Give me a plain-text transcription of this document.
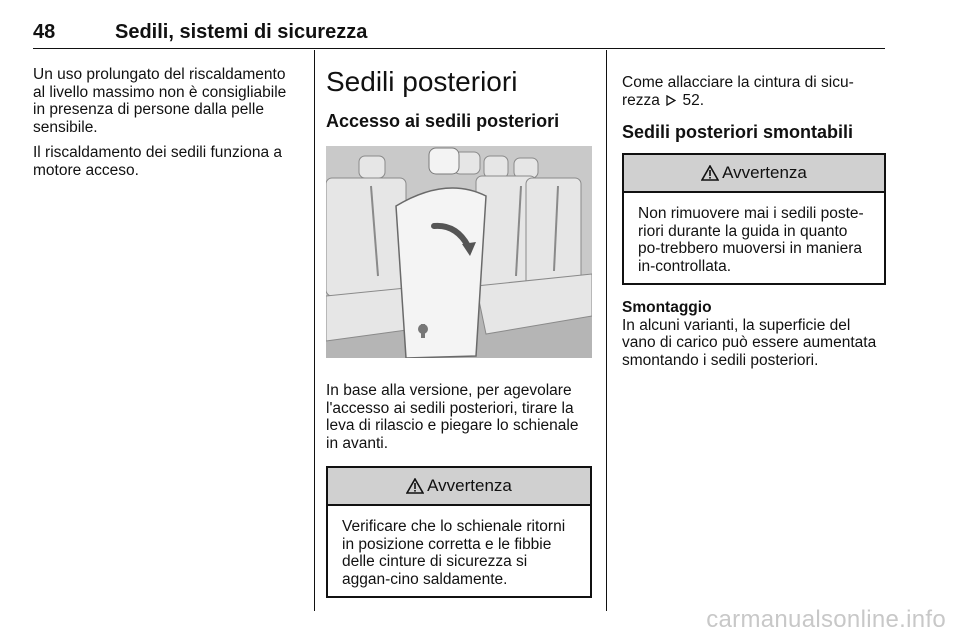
48	Sedili, sistemi di sicurezza

Un uso prolungato del riscaldamento al livello massimo non è consigliabile in presenza di persone dalla pelle sensibile.

Il riscaldamento dei sedili funziona a motore acceso.

Sedili posteriori
Accesso ai sedili posteriori

In base alla versione, per agevolare l'accesso ai sedili posteriori, tirare la leva di rilascio e piegare lo schienale in avanti.

Avvertenza
Verificare che lo schienale ritorni in posizione corretta e le fibbie delle cinture di sicurezza si aggan-cino saldamente.

Come allacciare la cintura di sicu-rezza 52.

Sedili posteriori smontabili
Avvertenza
Non rimuovere mai i sedili poste-riori durante la guida in quanto po-trebbero muoversi in maniera in-controllata.
Smontaggio

In alcuni varianti, la superficie del vano di carico può essere aumentata smontando i sedili posteriori.

carmanualsonline.info
